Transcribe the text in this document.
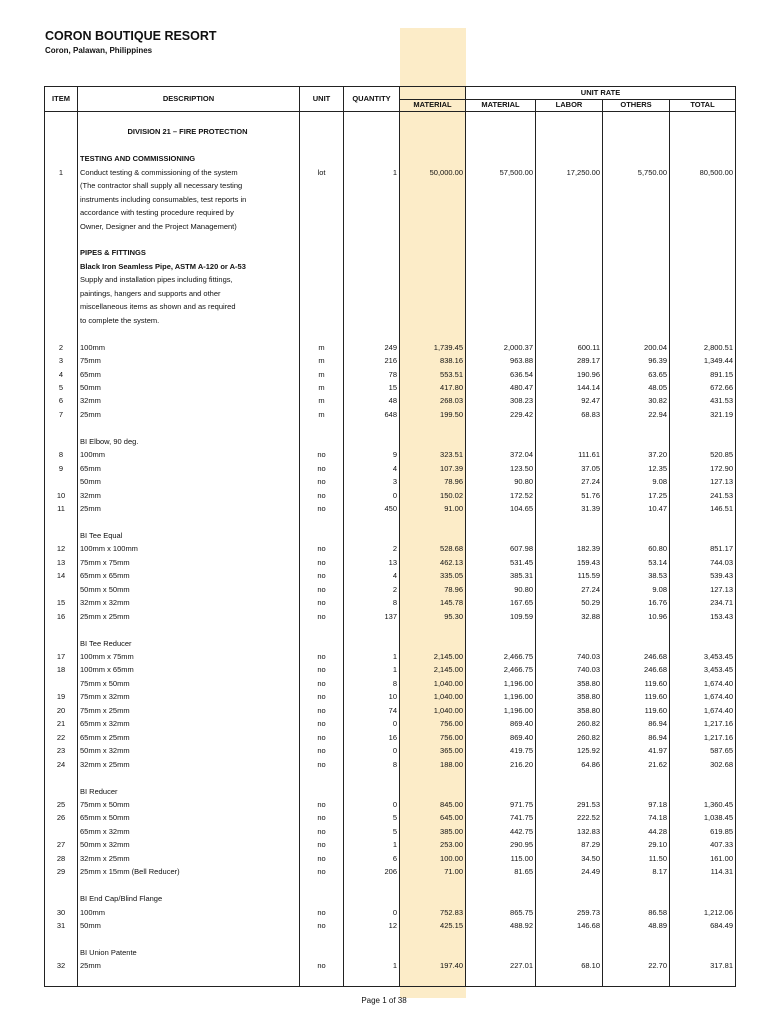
CORON BOUTIQUE RESORT
Coron, Palawan, Philippines
ITEM	DESCRIPTION	UNIT	QUANTITY		UNIT RATE			
				MATERIAL	MATERIAL	LABOR	OTHERS	TOTAL

	DIVISION 21 – FIRE PROTECTION							

	TESTING AND COMMISSIONING							
1	Conduct testing & commissioning of the system	lot	1	50,000.00	57,500.00	17,250.00	5,750.00	80,500.00
	(The contractor shall supply all necessary testing							
	instruments including consumables, test reports in							
	accordance with testing procedure required by							
	Owner, Designer and the Project Management)							

	PIPES & FITTINGS							
	Black Iron Seamless Pipe, ASTM A-120 or A-53							
	Supply and installation pipes including fittings,							
	paintings, hangers and supports and other							
	miscellaneous items as shown and as required							
	to complete the system.							

2	100mm	m	249	1,739.45	2,000.37	600.11	200.04	2,800.51
3	75mm	m	216	838.16	963.88	289.17	96.39	1,349.44
4	65mm	m	78	553.51	636.54	190.96	63.65	891.15
5	50mm	m	15	417.80	480.47	144.14	48.05	672.66
6	32mm	m	48	268.03	308.23	92.47	30.82	431.53
7	25mm	m	648	199.50	229.42	68.83	22.94	321.19

	BI Elbow, 90 deg.							
8	100mm	no	9	323.51	372.04	111.61	37.20	520.85
9	65mm	no	4	107.39	123.50	37.05	12.35	172.90
	50mm	no	3	78.96	90.80	27.24	9.08	127.13
10	32mm	no	0	150.02	172.52	51.76	17.25	241.53
11	25mm	no	450	91.00	104.65	31.39	10.47	146.51

	BI Tee Equal							
12	100mm x 100mm	no	2	528.68	607.98	182.39	60.80	851.17
13	75mm x 75mm	no	13	462.13	531.45	159.43	53.14	744.03
14	65mm x 65mm	no	4	335.05	385.31	115.59	38.53	539.43
	50mm x 50mm	no	2	78.96	90.80	27.24	9.08	127.13
15	32mm x 32mm	no	8	145.78	167.65	50.29	16.76	234.71
16	25mm x 25mm	no	137	95.30	109.59	32.88	10.96	153.43

	BI Tee Reducer							
17	100mm x 75mm	no	1	2,145.00	2,466.75	740.03	246.68	3,453.45
18	100mm x 65mm	no	1	2,145.00	2,466.75	740.03	246.68	3,453.45
	75mm x 50mm	no	8	1,040.00	1,196.00	358.80	119.60	1,674.40
19	75mm x 32mm	no	10	1,040.00	1,196.00	358.80	119.60	1,674.40
20	75mm x 25mm	no	74	1,040.00	1,196.00	358.80	119.60	1,674.40
21	65mm x 32mm	no	0	756.00	869.40	260.82	86.94	1,217.16
22	65mm x 25mm	no	16	756.00	869.40	260.82	86.94	1,217.16
23	50mm x 32mm	no	0	365.00	419.75	125.92	41.97	587.65
24	32mm x 25mm	no	8	188.00	216.20	64.86	21.62	302.68

	BI Reducer							
25	75mm x 50mm	no	0	845.00	971.75	291.53	97.18	1,360.45
26	65mm x 50mm	no	5	645.00	741.75	222.52	74.18	1,038.45
	65mm x 32mm	no	5	385.00	442.75	132.83	44.28	619.85
27	50mm x 32mm	no	1	253.00	290.95	87.29	29.10	407.33
28	32mm x 25mm	no	6	100.00	115.00	34.50	11.50	161.00
29	25mm x 15mm (Bell Reducer)	no	206	71.00	81.65	24.49	8.17	114.31

	BI End Cap/Blind Flange							
30	100mm	no	0	752.83	865.75	259.73	86.58	1,212.06
31	50mm	no	12	425.15	488.92	146.68	48.89	684.49

	BI Union Patente							
32	25mm	no	1	197.40	227.01	68.10	22.70	317.81

Page 1 of 38
